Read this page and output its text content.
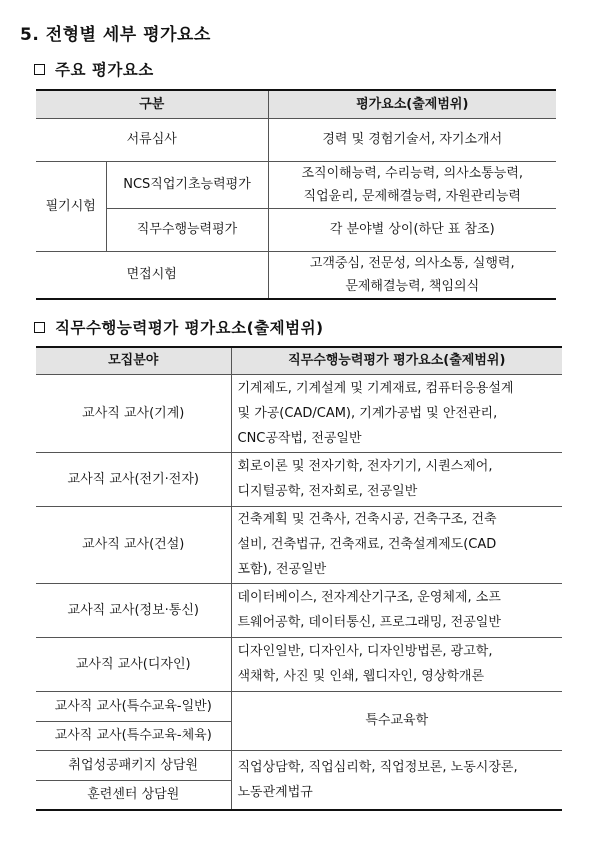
5. 전형별 세부 평가요소
주요 평가요소
구분		평가요소(출제범위)
서류심사		경력 및 경험기술서, 자기소개서
필기시험	NCS직업기초능력평가	조직이해능력, 수리능력, 의사소통능력,
직업윤리, 문제해결능력, 자원관리능력

	직무수행능력평가	각 분야별 상이(하단 표 참조)
면접시험		고객중심, 전문성, 의사소통, 실행력,
문제해결능력, 책임의식
직무수행능력평가 평가요소(출제범위)
모집분야	직무수행능력평가 평가요소(출제범위)
교사직 교사(기계)	기계제도, 기계설계 및 기계재료, 컴퓨터응용설계
및 가공(CAD/CAM), 기계가공법 및 안전관리,
CNC공작법, 전공일반

교사직 교사(전기·전자)	회로이론 및 전자기학, 전자기기, 시퀀스제어,
디지털공학, 전자회로, 전공일반

교사직 교사(건설)	건축계획 및 건축사, 건축시공, 건축구조, 건축
설비, 건축법규, 건축재료, 건축설계제도(CAD
포함), 전공일반

교사직 교사(정보·통신)	데이터베이스, 전자계산기구조, 운영체제, 소프
트웨어공학, 데이터통신, 프로그래밍, 전공일반

교사직 교사(디자인)	디자인일반, 디자인사, 디자인방법론, 광고학,
색채학, 사진 및 인쇄, 웹디자인, 영상학개론

교사직 교사(특수교육-일반)	특수교육학
교사직 교사(특수교육-체육)	
취업성공패키지 상담원	직업상담학, 직업심리학, 직업정보론, 노동시장론,
노동관계법규

훈련센터 상담원	
